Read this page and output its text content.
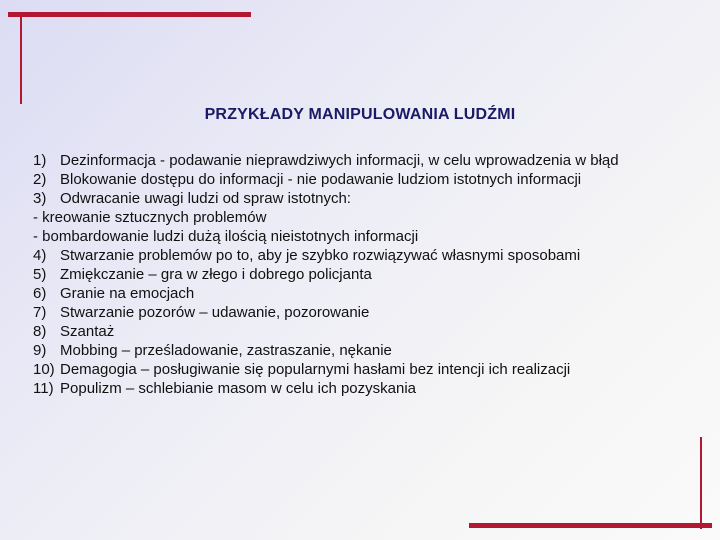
PRZYKŁADY MANIPULOWANIA LUDŹMI
1) Dezinformacja - podawanie nieprawdziwych informacji, w celu wprowadzenia w błąd
2) Blokowanie dostępu do informacji - nie podawanie ludziom istotnych informacji
3) Odwracanie uwagi ludzi od spraw istotnych:
- kreowanie sztucznych problemów
- bombardowanie ludzi dużą ilością nieistotnych informacji
4) Stwarzanie problemów po to, aby je szybko rozwiązywać własnymi sposobami
5) Zmiękczanie – gra w złego i dobrego policjanta
6) Granie na emocjach
7) Stwarzanie pozorów – udawanie, pozorowanie
8) Szantaż
9) Mobbing – prześladowanie, zastraszanie, nękanie
10) Demagogia – posługiwanie się popularnymi hasłami bez intencji ich realizacji
11) Populizm – schlebianie masom w celu ich pozyskania
